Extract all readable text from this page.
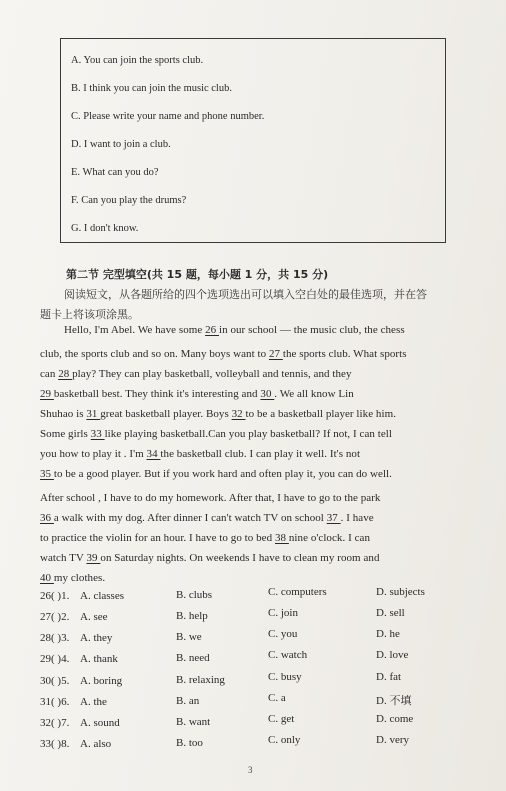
A. You can join the sports club.
B. I think you can join the music club.
C. Please write your name and phone number.
D. I want to join a club.
E. What can you do?
F. Can you play the drums?
G. I don't know.
第二节 完型填空(共 15 题，每小题 1 分，共 15 分)
阅读短文，从各题所给的四个选项选出可以填入空白处的最佳选项，并在答
题卡上将该项涂黑。
Hello, I'm Abel. We have some 26 in our school — the music club, the chess
club, the sports club and so on. Many boys want to 27 the sports club. What sports
can 28 play? They can play basketball, volleyball and tennis, and they
29 basketball best. They think it's interesting and 30 . We all know Lin
Shuhao is 31 great basketball player. Boys 32 to be a basketball player like him.
Some girls 33 like playing basketball.Can you play basketball? If not, I can tell
you how to play it . I'm 34 the basketball club. I can play it well. It's not
35 to be a good player. But if you work hard and often play it, you can do well.
After school , I have to do my homework. After that, I have to go to the park
36 a walk with my dog. After dinner I can't watch TV on school 37 . I have
to practice the violin for an hour. I have to go to bed 38 nine o'clock. I can
watch TV 39 on Saturday nights. On weekends I have to clean my room and
40 my clothes.
26( )1. A. classes	B. clubs	C. computers	D. subjects
27( )2. A. see	B. help	C. join	D. sell
28( )3. A. they	B. we	C. you	D. he
29( )4. A. thank	B. need	C. watch	D. love
30( )5. A. boring	B. relaxing	C. busy	D. fat
31( )6. A. the	B. an	C. a	D. 不填
32( )7. A. sound	B. want	C. get	D. come
33( )8. A. also	B. too	C. only	D. very
3
